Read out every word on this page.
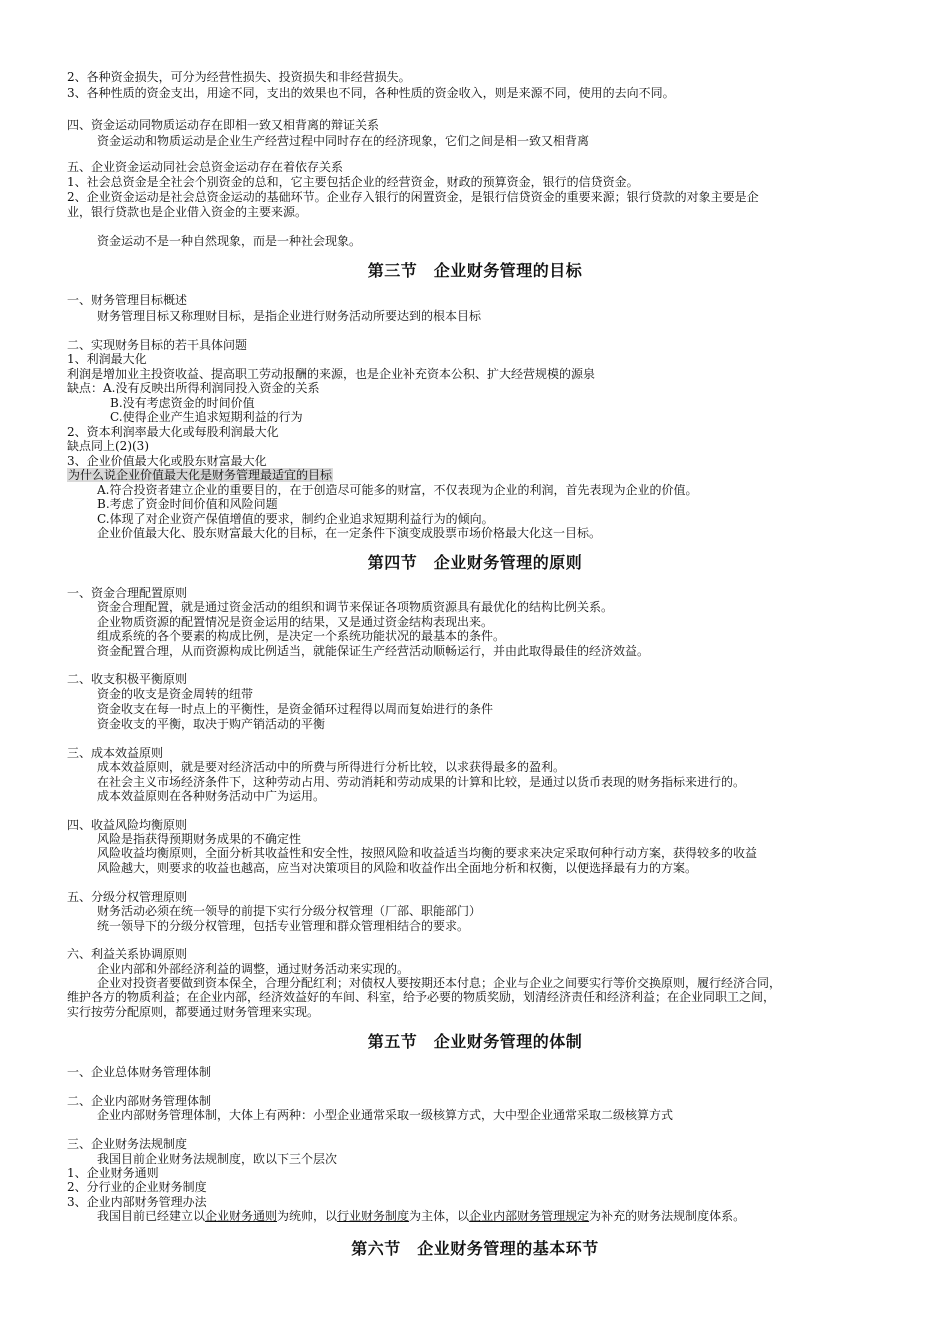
2、各种资金损失，可分为经营性损失、投资损失和非经营损失。
3、各种性质的资金支出，用途不同，支出的效果也不同，各种性质的资金收入，则是来源不同，使用的去向不同。
四、资金运动同物质运动存在即相一致又相背离的辩证关系
资金运动和物质运动是企业生产经营过程中同时存在的经济现象，它们之间是相一致又相背离
五、企业资金运动同社会总资金运动存在着依存关系
1、社会总资金是全社会个别资金的总和，它主要包括企业的经营资金，财政的预算资金，银行的信贷资金。
2、企业资金运动是社会总资金运动的基础环节。企业存入银行的闲置资金，是银行信贷资金的重要来源；银行贷款的对象主要是企
业，银行贷款也是企业借入资金的主要来源。
资金运动不是一种自然现象，而是一种社会现象。
第三节　企业财务管理的目标
一、财务管理目标概述
财务管理目标又称理财目标，是指企业进行财务活动所要达到的根本目标
二、实现财务目标的若干具体问题
1、利润最大化
利润是增加业主投资收益、提高职工劳动报酬的来源，也是企业补充资本公积、扩大经营规模的源泉
缺点：A.没有反映出所得利润同投入资金的关系
B.没有考虑资金的时间价值
C.使得企业产生追求短期利益的行为
2、资本利润率最大化或每股利润最大化
缺点同上(2)(3)
3、企业价值最大化或股东财富最大化
为什么说企业价值最大化是财务管理最适宜的目标
A.符合投资者建立企业的重要目的，在于创造尽可能多的财富，不仅表现为企业的利润，首先表现为企业的价值。
B.考虑了资金时间价值和风险问题
C.体现了对企业资产保值增值的要求，制约企业追求短期利益行为的倾向。
企业价值最大化、股东财富最大化的目标，在一定条件下演变成股票市场价格最大化这一目标。
第四节　企业财务管理的原则
一、资金合理配置原则
资金合理配置，就是通过资金活动的组织和调节来保证各项物质资源具有最优化的结构比例关系。
企业物质资源的配置情况是资金运用的结果，又是通过资金结构表现出来。
组成系统的各个要素的构成比例，是决定一个系统功能状况的最基本的条件。
资金配置合理，从而资源构成比例适当，就能保证生产经营活动顺畅运行，并由此取得最佳的经济效益。
二、收支积极平衡原则
资金的收支是资金周转的纽带
资金收支在每一时点上的平衡性，是资金循环过程得以周而复始进行的条件
资金收支的平衡，取决于购产销活动的平衡
三、成本效益原则
成本效益原则，就是要对经济活动中的所费与所得进行分析比较，以求获得最多的盈利。
在社会主义市场经济条件下，这种劳动占用、劳动消耗和劳动成果的计算和比较，是通过以货币表现的财务指标来进行的。
成本效益原则在各种财务活动中广为运用。
四、收益风险均衡原则
风险是指获得预期财务成果的不确定性
风险收益均衡原则，全面分析其收益性和安全性，按照风险和收益适当均衡的要求来决定采取何种行动方案，获得较多的收益
风险越大，则要求的收益也越高，应当对决策项目的风险和收益作出全面地分析和权衡，以便选择最有力的方案。
五、分级分权管理原则
财务活动必须在统一领导的前提下实行分级分权管理（厂部、职能部门）
统一领导下的分级分权管理，包括专业管理和群众管理相结合的要求。
六、利益关系协调原则
企业内部和外部经济利益的调整，通过财务活动来实现的。
企业对投资者要做到资本保全，合理分配红利；对债权人要按期还本付息；企业与企业之间要实行等价交换原则，履行经济合同，
维护各方的物质利益；在企业内部，经济效益好的车间、科室，给予必要的物质奖励，划清经济责任和经济利益；在企业同职工之间，
实行按劳分配原则，都要通过财务管理来实现。
第五节　企业财务管理的体制
一、企业总体财务管理体制
二、企业内部财务管理体制
企业内部财务管理体制，大体上有两种：小型企业通常采取一级核算方式，大中型企业通常采取二级核算方式
三、企业财务法规制度
我国目前企业财务法规制度，欧以下三个层次
1、企业财务通则
2、分行业的企业财务制度
3、企业内部财务管理办法
我国目前已经建立以企业财务通则为统帅，以行业财务制度为主体，以企业内部财务管理规定为补充的财务法规制度体系。
第六节　企业财务管理的基本环节
